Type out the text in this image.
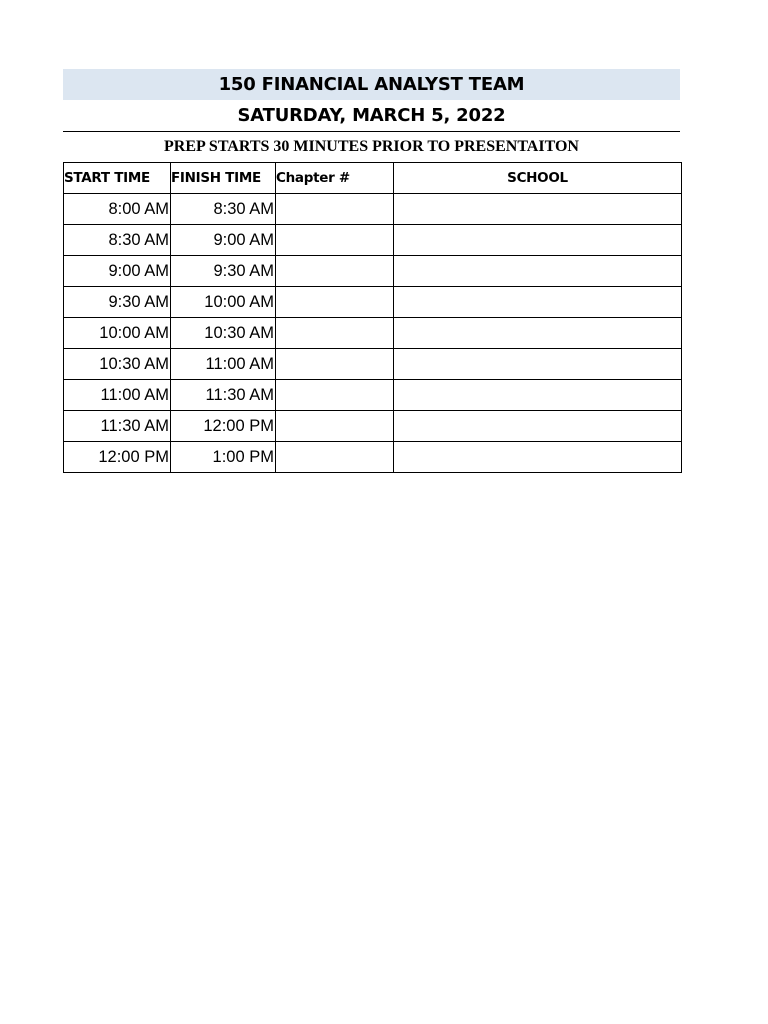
150 FINANCIAL ANALYST TEAM
SATURDAY, MARCH 5, 2022
PREP STARTS 30 MINUTES PRIOR TO PRESENTAITON
START TIME	FINISH TIME	Chapter #	SCHOOL
8:00 AM	8:30 AM		
8:30 AM	9:00 AM		
9:00 AM	9:30 AM		
9:30 AM	10:00 AM		
10:00 AM	10:30 AM		
10:30 AM	11:00 AM		
11:00 AM	11:30 AM		
11:30 AM	12:00 PM		
12:00 PM	1:00 PM		
